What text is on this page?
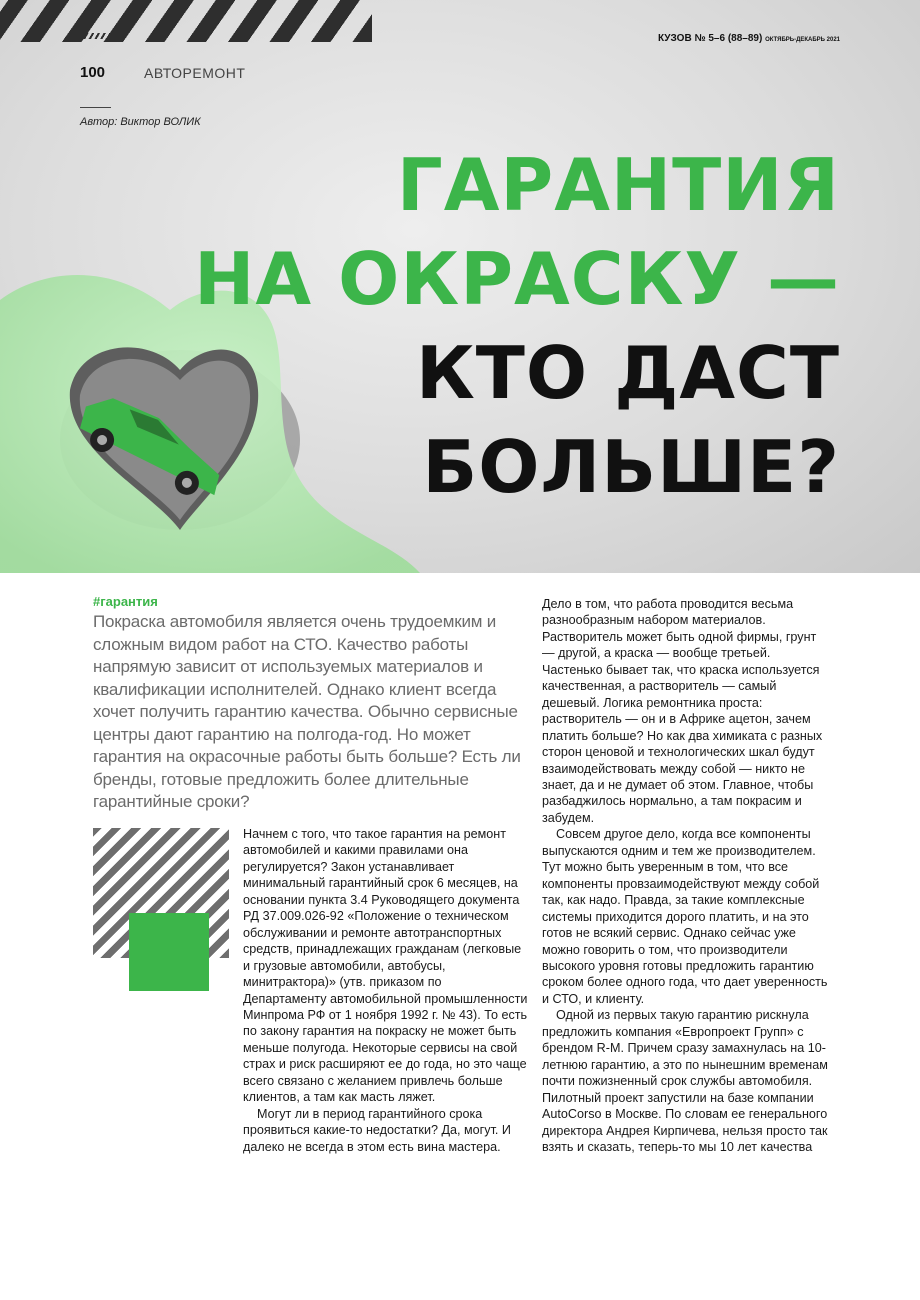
100	АВТОРЕМОНТ
Автор: Виктор ВОЛИК
КУЗОВ № 5–6 (88–89) ОКТЯБРЬ-ДЕКАБРЬ 2021
ГАРАНТИЯ
НА ОКРАСКУ —
КТО ДАСТ
БОЛЬШЕ?
#гарантия

Покраска автомобиля является очень трудоемким и сложным видом работ на СТО. Качество работы напрямую зависит от используемых материалов и квалификации исполнителей. Однако клиент всегда хочет получить гарантию качества. Обычно сервисные центры дают гарантию на полгода-год. Но может гарантия на окрасочные работы быть больше? Есть ли бренды, готовые предложить более длительные гарантийные сроки?

Начнем с того, что такое гарантия на ремонт автомобилей и какими правилами она регулируется? Закон устанавливает минимальный гарантийный срок 6 месяцев, на основании пункта 3.4 Руководящего документа РД 37.009.026-92 «Положение о техническом обслуживании и ремонте автотранспортных средств, принадлежащих гражданам (легковые и грузовые автомобили, автобусы, минитракторa)» (утв. приказом по Департаменту автомобильной промышленности Минпрома РФ от 1 ноября 1992 г. № 43). То есть по закону гарантия на покраску не может быть меньше полугода. Некоторые сервисы на свой страх и риск расширяют ее до года, но это чаще всего связано с желанием привлечь больше клиентов, а там как масть ляжет.

Могут ли в период гарантийного срока проявиться какие-то недостатки? Да, могут. И далеко не всегда в этом есть вина мастера.

Дело в том, что работа проводится весьма разнообразным набором материалов. Растворитель может быть одной фирмы, грунт — другой, а краска — вообще третьей. Частенько бывает так, что краска используется качественная, а растворитель — самый дешевый. Логика ремонтника проста: растворитель — он и в Африке ацетон, зачем платить больше? Но как два химиката с разных сторон ценовой и технологических шкал будут взаимодействовать между собой — никто не знает, да и не думает об этом. Главное, чтобы разбаджилось нормально, а там покрасим и забудем.

Совсем другое дело, когда все компоненты выпускаются одним и тем же производителем. Тут можно быть уверенным в том, что все компоненты провзаимодействуют между собой так, как надо. Правда, за такие комплексные системы приходится дорого платить, и на это готов не всякий сервис. Однако сейчас уже можно говорить о том, что производители высокого уровня готовы предложить гарантию сроком более одного года, что дает уверенность и СТО, и клиенту.

Одной из первых такую гарантию рискнула предложить компания «Европроект Групп» с брендом R-M. Причем сразу замахнулась на 10-летнюю гарантию, а это по нынешним временам почти пожизненный срок службы автомобиля. Пилотный проект запустили на базе компании AutoCorso в Москве. По словам ее генерального директора Андрея Кирпичева, нельзя просто так взять и сказать, теперь-то мы 10 лет качества
